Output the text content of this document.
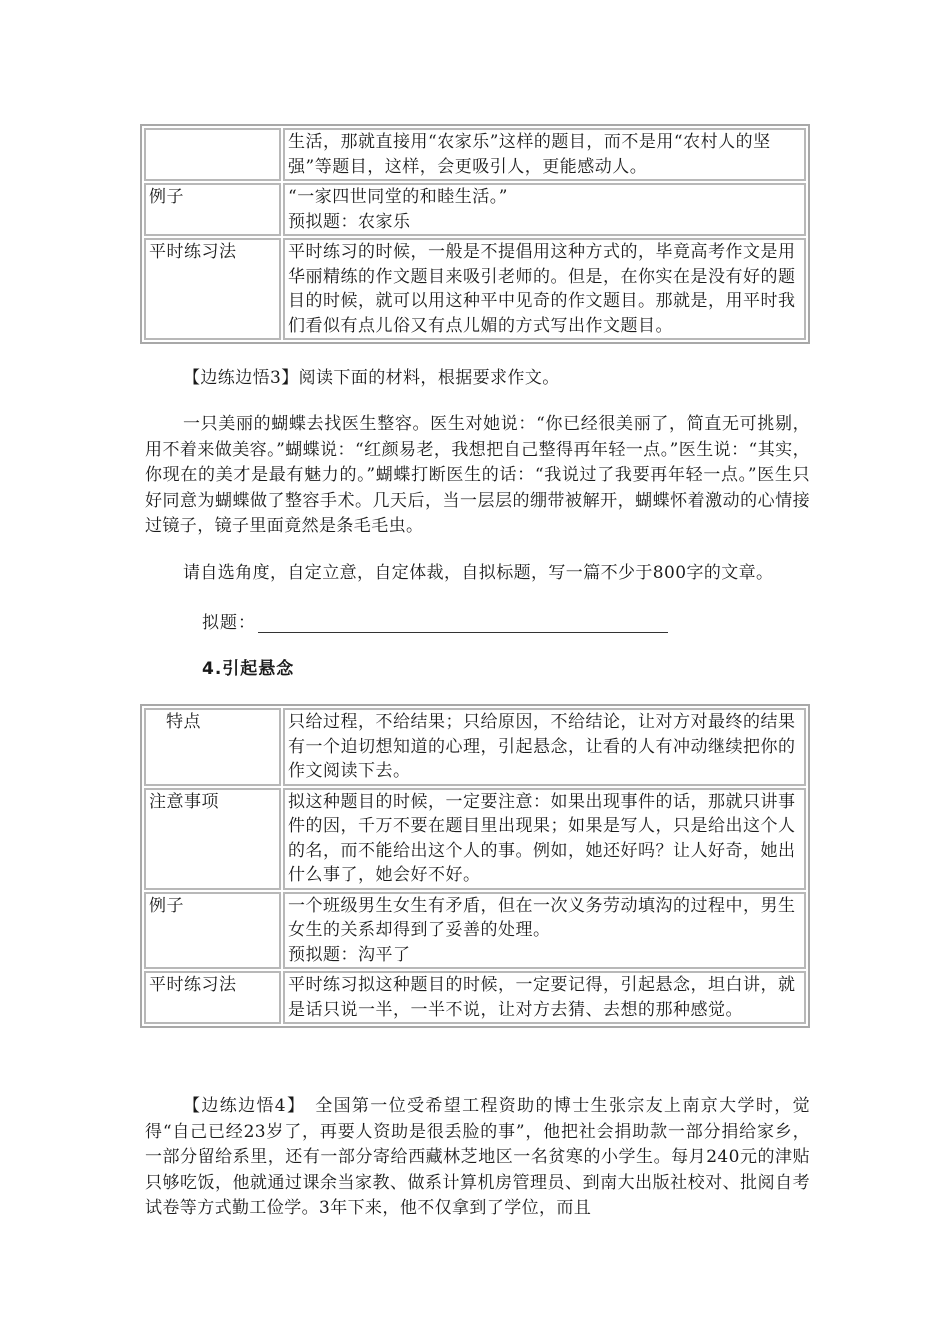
	生活，那就直接用“农家乐”这样的题目，而不是用“农村人的坚强”等题目，这样，会更吸引人，更能感动人。

例子	“一家四世同堂的和睦生活。”
预拟题：农家乐

平时练习法	平时练习的时候，一般是不提倡用这种方式的，毕竟高考作文是用华丽精练的作文题目来吸引老师的。但是，在你实在是没有好的题目的时候，就可以用这种平中见奇的作文题目。那就是，用平时我们看似有点儿俗又有点儿媚的方式写出作文题目。

【边练边悟3】阅读下面的材料，根据要求作文。

一只美丽的蝴蝶去找医生整容。医生对她说：“你已经很美丽了，简直无可挑剔，用不着来做美容。”蝴蝶说：“红颜易老，我想把自己整得再年轻一点。”医生说：“其实，你现在的美才是最有魅力的。”蝴蝶打断医生的话：“我说过了我要再年轻一点。”医生只好同意为蝴蝶做了整容手术。几天后，当一层层的绷带被解开，蝴蝶怀着激动的心情接过镜子，镜子里面竟然是条毛毛虫。

请自选角度，自定立意，自定体裁，自拟标题，写一篇不少于800字的文章。

拟题：
4.引起悬念
特点	只给过程，不给结果；只给原因，不给结论，让对方对最终的结果有一个迫切想知道的心理，引起悬念，让看的人有冲动继续把你的作文阅读下去。

注意事项	拟这种题目的时候，一定要注意：如果出现事件的话，那就只讲事件的因，千万不要在题目里出现果；如果是写人，只是给出这个人的名，而不能给出这个人的事。例如，她还好吗？让人好奇，她出什么事了，她会好不好。

例子	一个班级男生女生有矛盾，但在一次义务劳动填沟的过程中，男生女生的关系却得到了妥善的处理。
预拟题：沟平了

平时练习法	平时练习拟这种题目的时候，一定要记得，引起悬念，坦白讲，就是话只说一半，一半不说，让对方去猜、去想的那种感觉。

【边练边悟4】　全国第一位受希望工程资助的博士生张宗友上南京大学时，觉得“自己已经23岁了，再要人资助是很丢脸的事”，他把社会捐助款一部分捐给家乡，一部分留给系里，还有一部分寄给西藏林芝地区一名贫寒的小学生。每月240元的津贴只够吃饭，他就通过课余当家教、做系计算机房管理员、到南大出版社校对、批阅自考试卷等方式勤工俭学。3年下来，他不仅拿到了学位，而且
